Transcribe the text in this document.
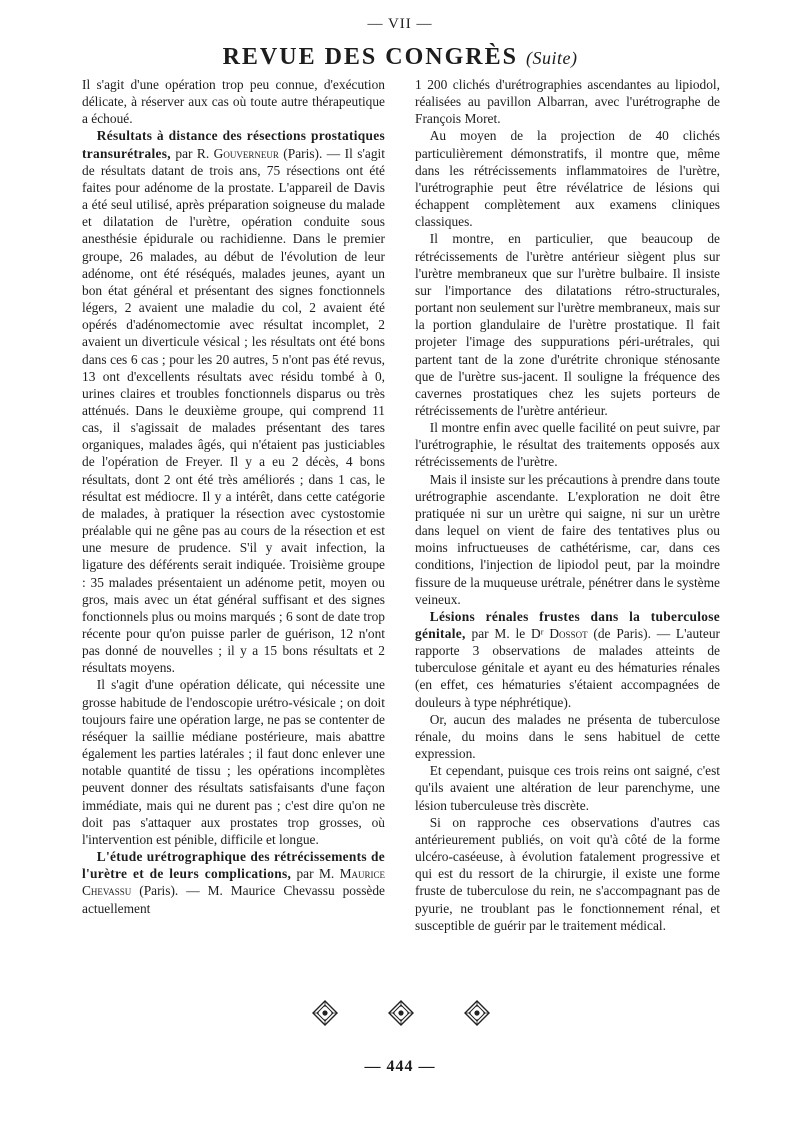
— VII —
REVUE DES CONGRÈS (Suite)

Il s'agit d'une opération trop peu connue, d'exécution délicate, à réserver aux cas où toute autre thérapeutique a échoué.

Résultats à distance des résections prostatiques transurétrales, par R. Gouverneur (Paris). — Il s'agit de résultats datant de trois ans, 75 résections ont été faites pour adénome de la prostate. L'appareil de Davis a été seul utilisé, après préparation soigneuse du malade et dilatation de l'urètre, opération conduite sous anesthésie épidurale ou rachidienne. Dans le premier groupe, 26 malades, au début de l'évolution de leur adénome, ont été réséqués, malades jeunes, ayant un bon état général et présentant des signes fonctionnels légers, 2 avaient une maladie du col, 2 avaient été opérés d'adénomectomie avec résultat incomplet, 2 avaient un diverticule vésical ; les résultats ont été bons dans ces 6 cas ; pour les 20 autres, 5 n'ont pas été revus, 13 ont d'excellents résultats avec résidu tombé à 0, urines claires et troubles fonctionnels disparus ou très atténués. Dans le deuxième groupe, qui comprend 11 cas, il s'agissait de malades présentant des tares organiques, malades âgés, qui n'étaient pas justiciables de l'opération de Freyer. Il y a eu 2 décès, 4 bons résultats, dont 2 ont été très améliorés ; dans 1 cas, le résultat est médiocre. Il y a intérêt, dans cette catégorie de malades, à pratiquer la résection avec cystostomie préalable qui ne gêne pas au cours de la résection et est une mesure de prudence. S'il y avait infection, la ligature des déférents serait indiquée. Troisième groupe : 35 malades présentaient un adénome petit, moyen ou gros, mais avec un état général suffisant et des signes fonctionnels plus ou moins marqués ; 6 sont de date trop récente pour qu'on puisse parler de guérison, 12 n'ont pas donné de nouvelles ; il y a 15 bons résultats et 2 résultats moyens.

Il s'agit d'une opération délicate, qui nécessite une grosse habitude de l'endoscopie urétro-vésicale ; on doit toujours faire une opération large, ne pas se contenter de réséquer la saillie médiane postérieure, mais abattre également les parties latérales ; il faut donc enlever une notable quantité de tissu ; les opérations incomplètes peuvent donner des résultats satisfaisants d'une façon immédiate, mais qui ne durent pas ; c'est dire qu'on ne doit pas s'attaquer aux prostates trop grosses, où l'intervention est pénible, difficile et longue.

L'étude urétrographique des rétrécissements de l'urètre et de leurs complications, par M. Maurice Chevassu (Paris). — M. Maurice Chevassu possède actuellement

1 200 clichés d'urétrographies ascendantes au lipiodol, réalisées au pavillon Albarran, avec l'urétrographe de François Moret.

Au moyen de la projection de 40 clichés particulièrement démonstratifs, il montre que, même dans les rétrécissements inflammatoires de l'urètre, l'urétrographie peut être révélatrice de lésions qui échappent complètement aux examens cliniques classiques.

Il montre, en particulier, que beaucoup de rétrécissements de l'urètre antérieur siègent plus sur l'urètre membraneux que sur l'urètre bulbaire. Il insiste sur l'importance des dilatations rétro-structurales, portant non seulement sur l'urètre membraneux, mais sur la portion glandulaire de l'urètre prostatique. Il fait projeter l'image des suppurations péri-urétrales, qui partent tant de la zone d'urétrite chronique sténosante que de l'urètre sus-jacent. Il souligne la fréquence des cavernes prostatiques chez les sujets porteurs de rétrécissements de l'urètre antérieur.

Il montre enfin avec quelle facilité on peut suivre, par l'urétrographie, le résultat des traitements opposés aux rétrécissements de l'urètre.

Mais il insiste sur les précautions à prendre dans toute urétrographie ascendante. L'exploration ne doit être pratiquée ni sur un urètre qui saigne, ni sur un urètre dans lequel on vient de faire des tentatives plus ou moins infructueuses de cathétérisme, car, dans ces conditions, l'injection de lipiodol peut, par la moindre fissure de la muqueuse urétrale, pénétrer dans le système veineux.

Lésions rénales frustes dans la tuberculose génitale, par M. le Dʳ Dossot (de Paris). — L'auteur rapporte 3 observations de malades atteints de tuberculose génitale et ayant eu des hématuries rénales (en effet, ces hématuries s'étaient accompagnées de douleurs à type néphrétique).

Or, aucun des malades ne présenta de tuberculose rénale, du moins dans le sens habituel de cette expression.

Et cependant, puisque ces trois reins ont saigné, c'est qu'ils avaient une altération de leur parenchyme, une lésion tuberculeuse très discrète.

Si on rapproche ces observations d'autres cas antérieurement publiés, on voit qu'à côté de la forme ulcéro-caséeuse, à évolution fatalement progressive et qui est du ressort de la chirurgie, il existe une forme fruste de tuberculose du rein, ne s'accompagnant pas de pyurie, ne troublant pas le fonctionnement rénal, et susceptible de guérir par le traitement médical.

— 444 —
